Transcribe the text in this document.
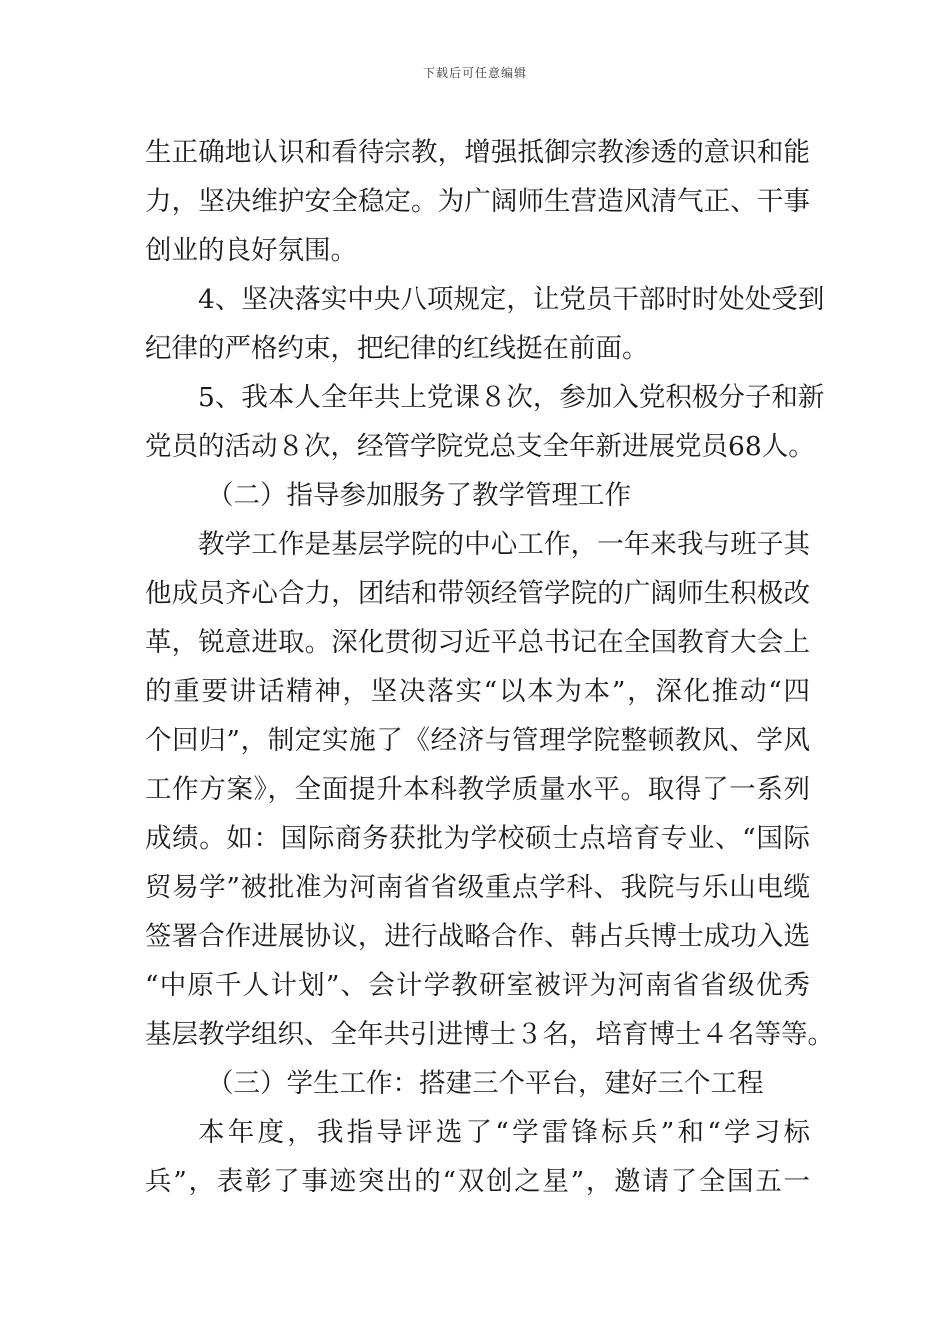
下载后可任意编辑
生正确地认识和看待宗教，增强抵御宗教渗透的意识和能
力，坚决维护安全稳定。为广阔师生营造风清气正、干事
创业的良好氛围。
4、坚决落实中央八项规定，让党员干部时时处处受到
纪律的严格约束，把纪律的红线挺在前面。
5、我本人全年共上党课８次，参加入党积极分子和新
党员的活动８次，经管学院党总支全年新进展党员68人。
（二）指导参加服务了教学管理工作
教学工作是基层学院的中心工作，一年来我与班子其
他成员齐心合力，团结和带领经管学院的广阔师生积极改
革，锐意进取。深化贯彻习近平总书记在全国教育大会上
的重要讲话精神，坚决落实“以本为本”，深化推动“四
个回归”，制定实施了《经济与管理学院整顿教风、学风
工作方案》，全面提升本科教学质量水平。取得了一系列
成绩。如：国际商务获批为学校硕士点培育专业、“国际
贸易学”被批准为河南省省级重点学科、我院与乐山电缆
签署合作进展协议，进行战略合作、韩占兵博士成功入选
“中原千人计划”、会计学教研室被评为河南省省级优秀
基层教学组织、全年共引进博士３名，培育博士４名等等。
（三）学生工作：搭建三个平台，建好三个工程
本年度，我指导评选了“学雷锋标兵”和“学习标
兵”，表彰了事迹突出的“双创之星”，邀请了全国五一
